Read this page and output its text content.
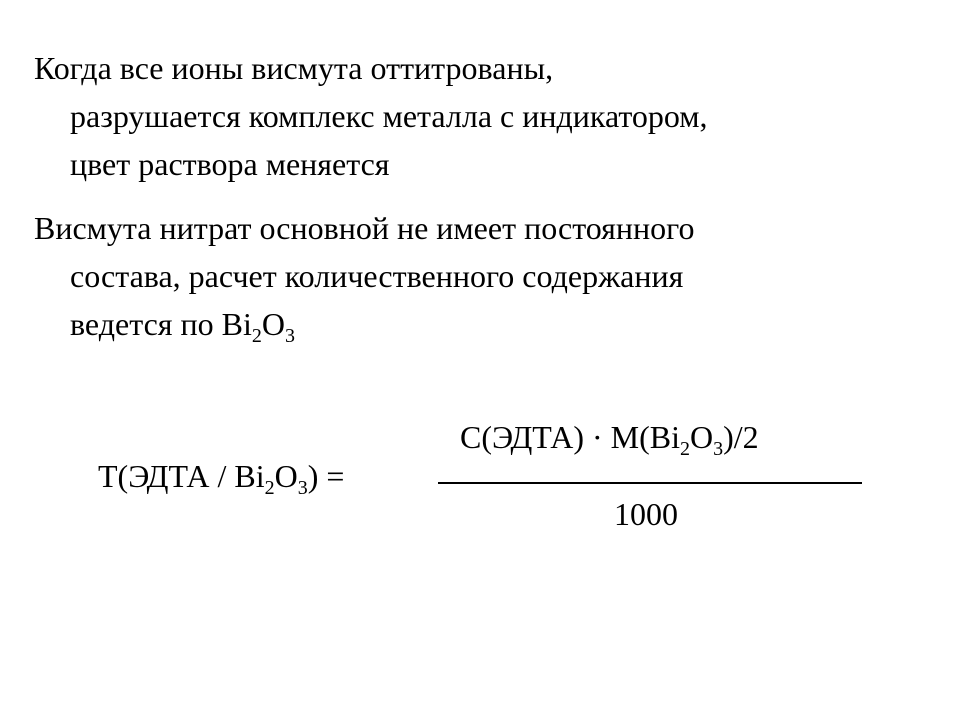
Когда все ионы висмута оттитрованы,
разрушается комплекс металла с индикатором,
цвет раствора меняется
Висмута нитрат основной не имеет постоянного
состава, расчет количественного содержания
ведется по $Bi_2O_3$
Т(ЭДТА / $Bi_2O_3$) =
С(ЭДТА) · $М(Bi_2O_3)/2$
1000
